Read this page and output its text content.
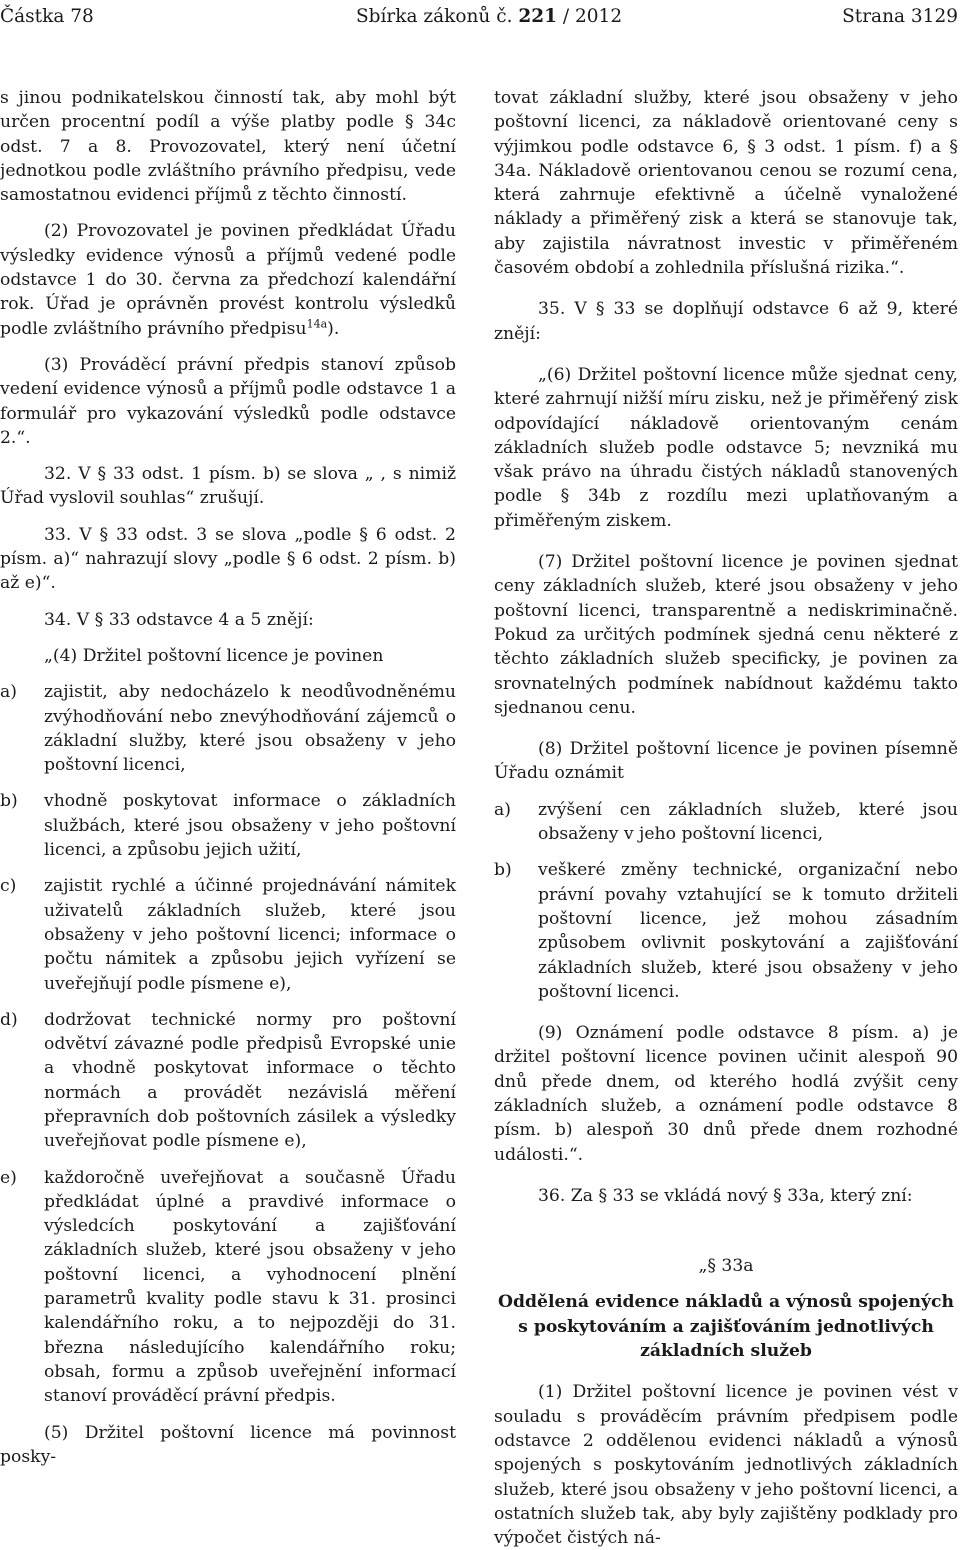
Částka 78	Sbírka zákonů č. 221 / 2012	Strana 3129

s jinou podnikatelskou činností tak, aby mohl být určen procentní podíl a výše platby podle § 34c odst. 7 a 8. Provozovatel, který není účetní jednotkou podle zvláštního právního předpisu, vede samostatnou evidenci příjmů z těchto činností.

(2) Provozovatel je povinen předkládat Úřadu výsledky evidence výnosů a příjmů vedené podle odstavce 1 do 30. června za předchozí kalendářní rok. Úřad je oprávněn provést kontrolu výsledků podle zvláštního právního předpisu$^{14a}$).

(3) Prováděcí právní předpis stanoví způsob vedení evidence výnosů a příjmů podle odstavce 1 a formulář pro vykazování výsledků podle odstavce 2.“.

32. V § 33 odst. 1 písm. b) se slova „ , s nimiž Úřad vyslovil souhlas“ zrušují.

33. V § 33 odst. 3 se slova „podle § 6 odst. 2 písm. a)“ nahrazují slovy „podle § 6 odst. 2 písm. b) až e)“.

34. V § 33 odstavce 4 a 5 znějí:

„(4) Držitel poštovní licence je povinen

a) zajistit, aby nedocházelo k neodůvodněnému zvýhodňování nebo znevýhodňování zájemců o základní služby, které jsou obsaženy v jeho poštovní licenci,
b) vhodně poskytovat informace o základních službách, které jsou obsaženy v jeho poštovní licenci, a způsobu jejich užití,
c) zajistit rychlé a účinné projednávání námitek uživatelů základních služeb, které jsou obsaženy v jeho poštovní licenci; informace o počtu námitek a způsobu jejich vyřízení se uveřejňují podle písmene e),
d) dodržovat technické normy pro poštovní odvětví závazné podle předpisů Evropské unie a vhodně poskytovat informace o těchto normách a provádět nezávislá měření přepravních dob poštovních zásilek a výsledky uveřejňovat podle písmene e),
e) každoročně uveřejňovat a současně Úřadu předkládat úplné a pravdivé informace o výsledcích poskytování a zajišťování základních služeb, které jsou obsaženy v jeho poštovní licenci, a vyhodnocení plnění parametrů kvality podle stavu k 31. prosinci kalendářního roku, a to nejpozději do 31. března následujícího kalendářního roku; obsah, formu a způsob uveřejnění informací stanoví prováděcí právní předpis.

(5) Držitel poštovní licence má povinnost posky-

tovat základní služby, které jsou obsaženy v jeho poštovní licenci, za nákladově orientované ceny s výjimkou podle odstavce 6, § 3 odst. 1 písm. f) a § 34a. Nákladově orientovanou cenou se rozumí cena, která zahrnuje efektivně a účelně vynaložené náklady a přiměřený zisk a která se stanovuje tak, aby zajistila návratnost investic v přiměřeném časovém období a zohlednila příslušná rizika.“.

35. V § 33 se doplňují odstavce 6 až 9, které znějí:

„(6) Držitel poštovní licence může sjednat ceny, které zahrnují nižší míru zisku, než je přiměřený zisk odpovídající nákladově orientovaným cenám základních služeb podle odstavce 5; nevzniká mu však právo na úhradu čistých nákladů stanovených podle § 34b z rozdílu mezi uplatňovaným a přiměřeným ziskem.

(7) Držitel poštovní licence je povinen sjednat ceny základních služeb, které jsou obsaženy v jeho poštovní licenci, transparentně a nediskriminačně. Pokud za určitých podmínek sjedná cenu některé z těchto základních služeb specificky, je povinen za srovnatelných podmínek nabídnout každému takto sjednanou cenu.

(8) Držitel poštovní licence je povinen písemně Úřadu oznámit

a) zvýšení cen základních služeb, které jsou obsaženy v jeho poštovní licenci,
b) veškeré změny technické, organizační nebo právní povahy vztahující se k tomuto držiteli poštovní licence, jež mohou zásadním způsobem ovlivnit poskytování a zajišťování základních služeb, které jsou obsaženy v jeho poštovní licenci.

(9) Oznámení podle odstavce 8 písm. a) je držitel poštovní licence povinen učinit alespoň 90 dnů přede dnem, od kterého hodlá zvýšit ceny základních služeb, a oznámení podle odstavce 8 písm. b) alespoň 30 dnů přede dnem rozhodné události.“.

36. Za § 33 se vkládá nový § 33a, který zní:

„§ 33a

Oddělená evidence nákladů a výnosů spojených s poskytováním a zajišťováním jednotlivých základních služeb

(1) Držitel poštovní licence je povinen vést v souladu s prováděcím právním předpisem podle odstavce 2 oddělenou evidenci nákladů a výnosů spojených s poskytováním jednotlivých základních služeb, které jsou obsaženy v jeho poštovní licenci, a ostatních služeb tak, aby byly zajištěny podklady pro výpočet čistých ná-
